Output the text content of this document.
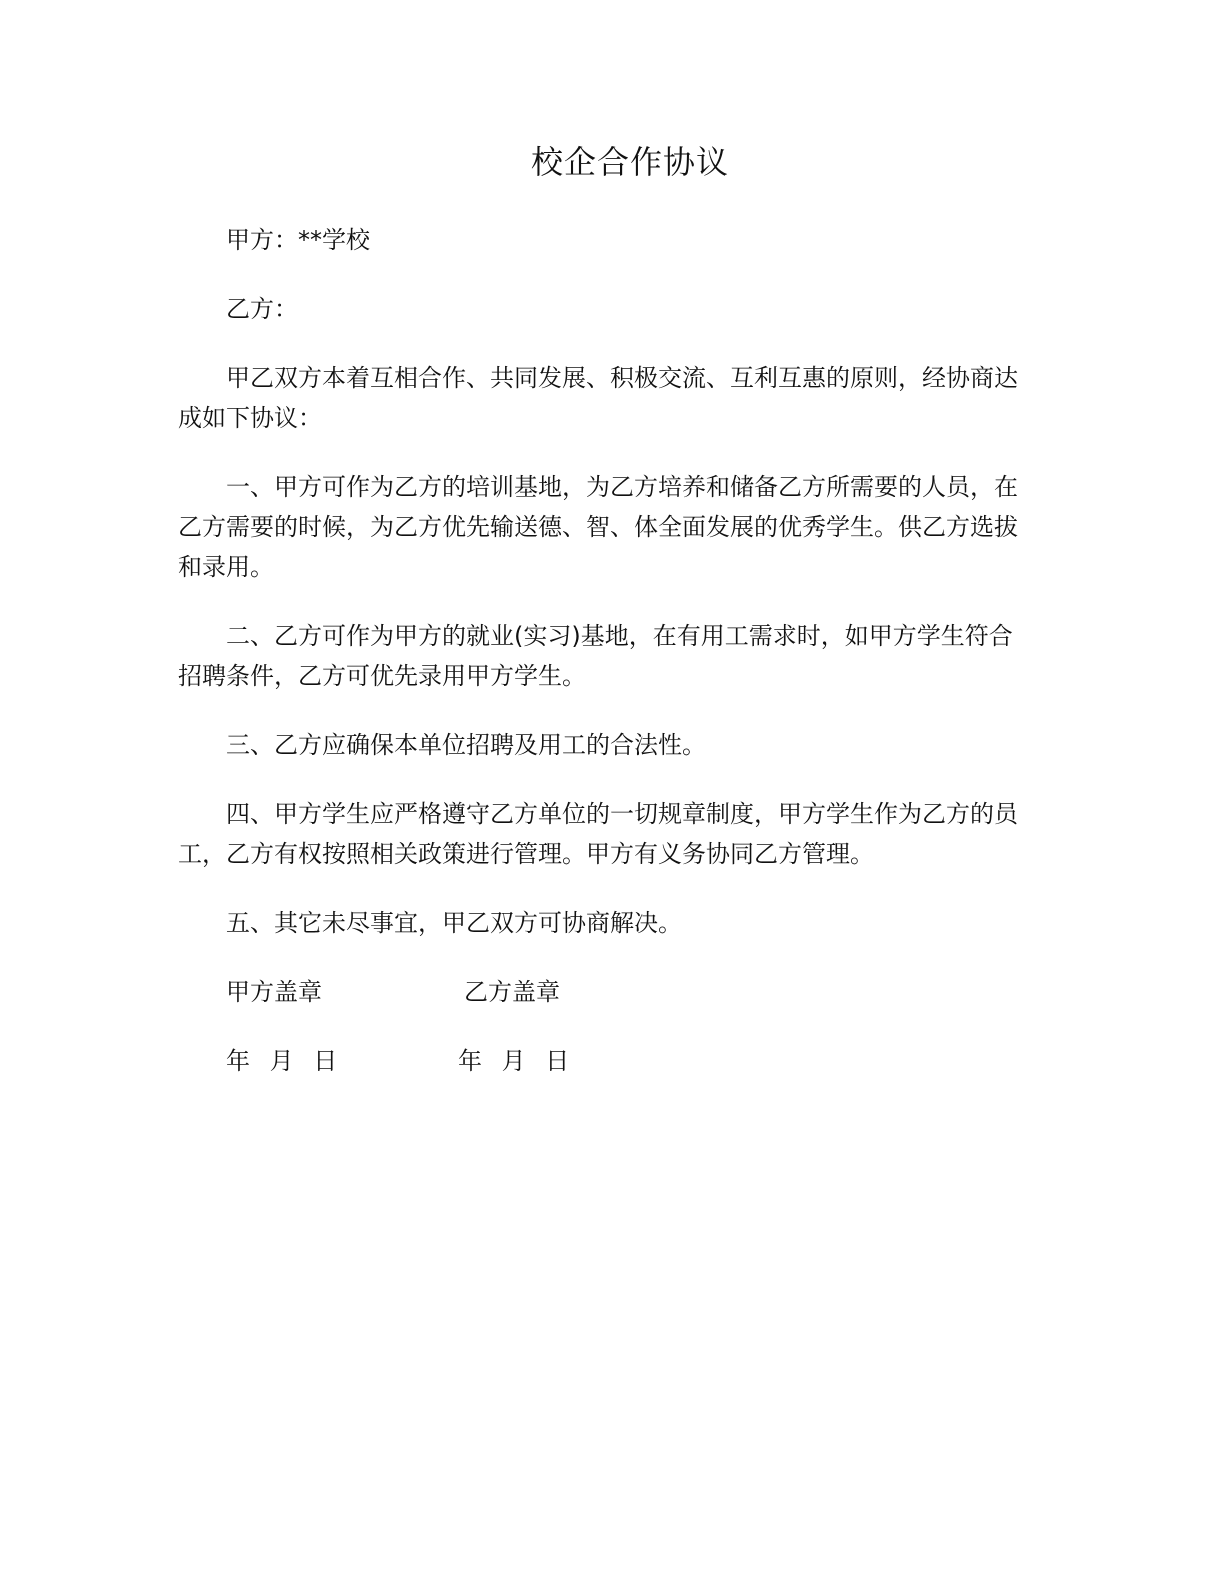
校企合作协议

甲方：**学校

乙方：

甲乙双方本着互相合作、共同发展、积极交流、互利互惠的原则，经协商达成如下协议：

一、甲方可作为乙方的培训基地，为乙方培养和储备乙方所需要的人员，在乙方需要的时候，为乙方优先输送德、智、体全面发展的优秀学生。供乙方选拔和录用。

二、乙方可作为甲方的就业(实习)基地，在有用工需求时，如甲方学生符合招聘条件，乙方可优先录用甲方学生。

三、乙方应确保本单位招聘及用工的合法性。

四、甲方学生应严格遵守乙方单位的一切规章制度，甲方学生作为乙方的员工，乙方有权按照相关政策进行管理。甲方有义务协同乙方管理。

五、其它未尽事宜，甲乙双方可协商解决。

甲方盖章	乙方盖章
年 月 日	年 月 日
